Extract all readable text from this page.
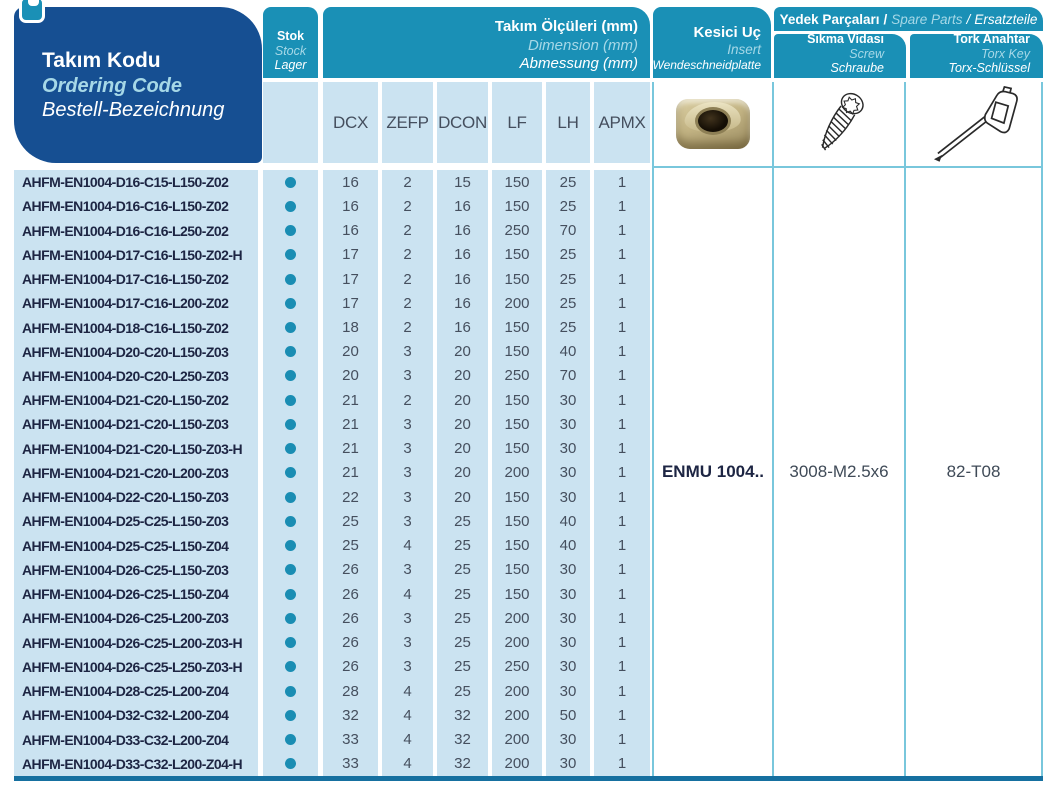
Takım Kodu
Ordering Code
Bestell-Bezeichnung
Stok
Stock
Lager
Takım Ölçüleri (mm)
Dimension (mm)
Abmessung (mm)
Kesici Uç
Insert
Wendeschneidplatte
Yedek Parçaları / Spare Parts / Ersatzteile
Sıkma Vidası
Screw
Schraube
Tork Anahtar
Torx Key
Torx-Schlüssel
DCX ZEFP DCON LF LH APMX
AHFM-EN1004-D16-C15-L150-Z02
AHFM-EN1004-D16-C16-L150-Z02
AHFM-EN1004-D16-C16-L250-Z02
AHFM-EN1004-D17-C16-L150-Z02-H
AHFM-EN1004-D17-C16-L150-Z02
AHFM-EN1004-D17-C16-L200-Z02
AHFM-EN1004-D18-C16-L150-Z02
AHFM-EN1004-D20-C20-L150-Z03
AHFM-EN1004-D20-C20-L250-Z03
AHFM-EN1004-D21-C20-L150-Z02
AHFM-EN1004-D21-C20-L150-Z03
AHFM-EN1004-D21-C20-L150-Z03-H
AHFM-EN1004-D21-C20-L200-Z03
AHFM-EN1004-D22-C20-L150-Z03
AHFM-EN1004-D25-C25-L150-Z03
AHFM-EN1004-D25-C25-L150-Z04
AHFM-EN1004-D26-C25-L150-Z03
AHFM-EN1004-D26-C25-L150-Z04
AHFM-EN1004-D26-C25-L200-Z03
AHFM-EN1004-D26-C25-L200-Z03-H
AHFM-EN1004-D26-C25-L250-Z03-H
AHFM-EN1004-D28-C25-L200-Z04
AHFM-EN1004-D32-C32-L200-Z04
AHFM-EN1004-D33-C32-L200-Z04
AHFM-EN1004-D33-C32-L200-Z04-H
16
16
16
17
17
17
18
20
20
21
21
21
21
22
25
25
26
26
26
26
26
28
32
33
33
2
2
2
2
2
2
2
3
3
2
3
3
3
3
3
4
3
4
3
3
3
4
4
4
4
15
16
16
16
16
16
16
20
20
20
20
20
20
20
25
25
25
25
25
25
25
25
32
32
32
150
150
250
150
150
200
150
150
250
150
150
150
200
150
150
150
150
150
200
200
250
200
200
200
200
25
25
70
25
25
25
25
40
70
30
30
30
30
30
40
40
30
30
30
30
30
30
50
30
30
1
1
1
1
1
1
1
1
1
1
1
1
1
1
1
1
1
1
1
1
1
1
1
1
1
ENMU 1004.. 3008-M2.5x6	82-T08
